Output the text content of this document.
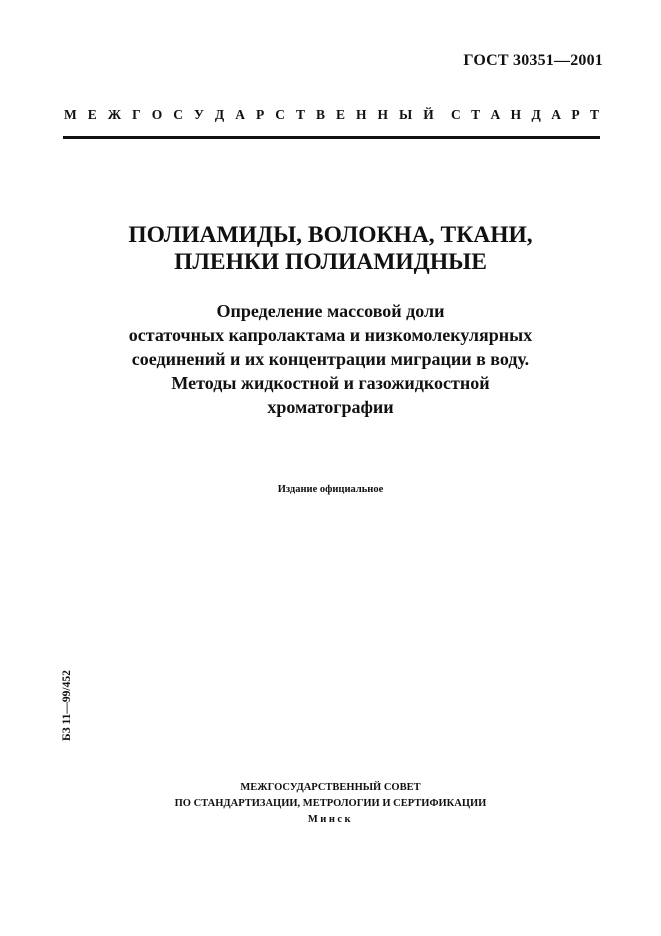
ГОСТ 30351—2001
М Е Ж Г О С У Д А Р С Т В Е Н Н Ы Й С Т А Н Д А Р Т
ПОЛИАМИДЫ, ВОЛОКНА, ТКАНИ,
ПЛЕНКИ ПОЛИАМИДНЫЕ
Определение массовой доли
остаточных капролактама и низкомолекулярных
соединений и их концентрации миграции в воду.
Методы жидкостной и газожидкостной
хроматографии
Издание официальное
БЗ 11—99/452
МЕЖГОСУДАРСТВЕННЫЙ СОВЕТ
ПО СТАНДАРТИЗАЦИИ, МЕТРОЛОГИИ И СЕРТИФИКАЦИИ
Минск
